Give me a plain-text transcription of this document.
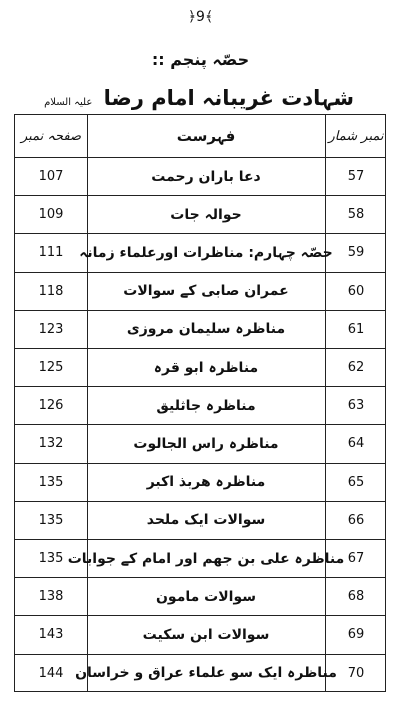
﴿9﴾
حصّہ پنجم ::
شہادت غریبانہ امام رضا علیہ السلام
صفحہ نمبر	فہرست	نمبر شمار
107	دعا باران رحمت	57
109	حوالہ جات	58
111	حصّہ چہارم: مناظرات اورعلماء زمانہ	59
118	عمران صابی کے سوالات	60
123	مناظرہ سلیمان مروزی	61
125	مناظرہ ابو قرہ	62
126	مناظرہ جاثلیق	63
132	مناظرہ راس الجالوت	64
135	مناظرہ ھربذ اکبر	65
135	سوالات ایک ملحد	66
135 مناظرہ علی بن جھم اور امام کے جوابات 67
138	سوالات مامون	68
143	سوالات ابن سکیت	69
144 مناظرہ ایک سو علماء عراق و خراسان 70
